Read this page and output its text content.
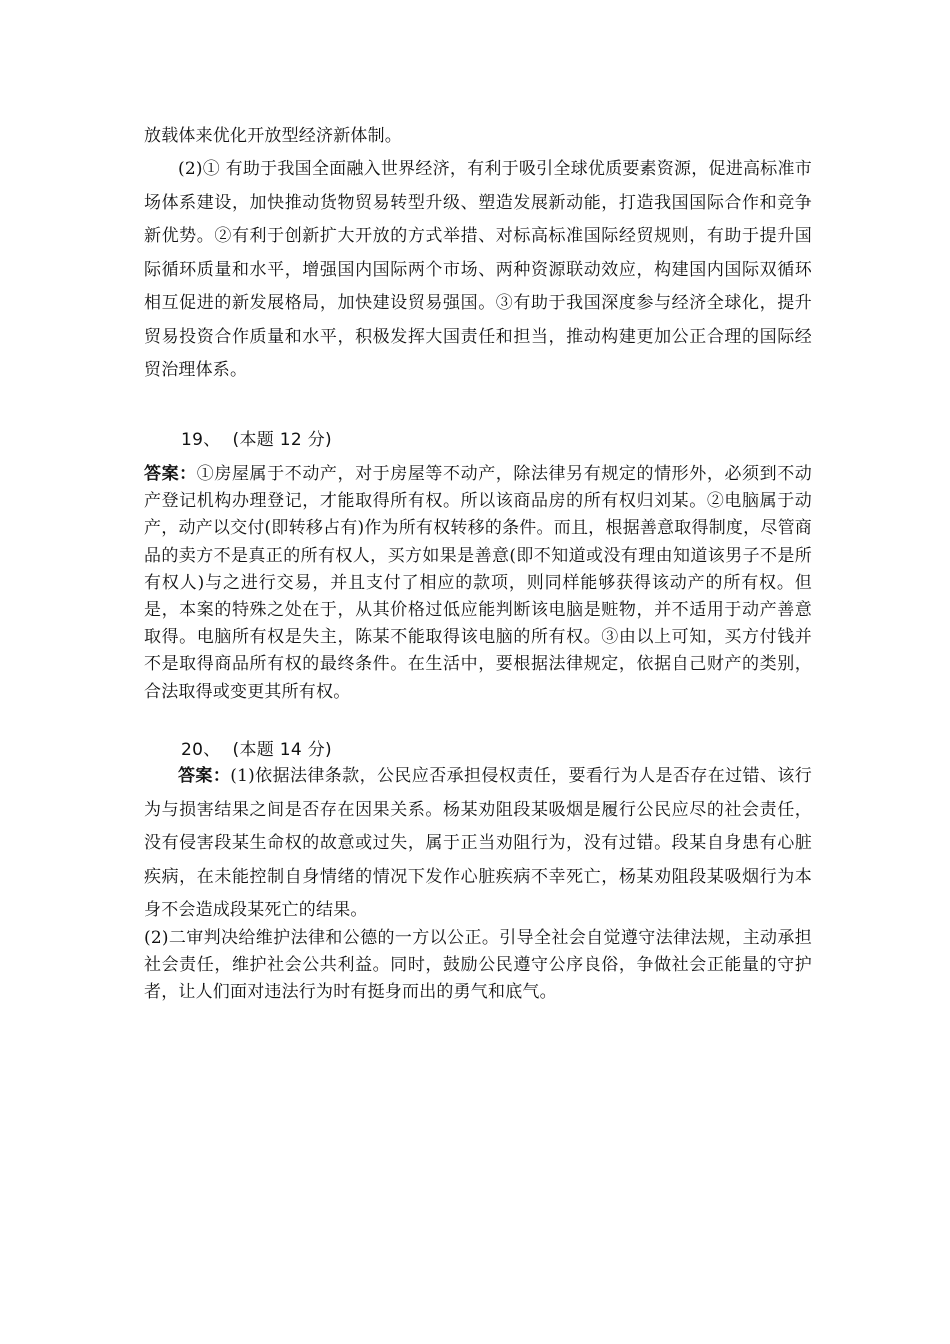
放载体来优化开放型经济新体制。
(2)① 有助于我国全面融入世界经济，有利于吸引全球优质要素资源，促进高标准市场体系建设，加快推动货物贸易转型升级、塑造发展新动能，打造我国国际合作和竞争新优势。②有利于创新扩大开放的方式举措、对标高标准国际经贸规则，有助于提升国际循环质量和水平，增强国内国际两个市场、两种资源联动效应，构建国内国际双循环相互促进的新发展格局，加快建设贸易强国。③有助于我国深度参与经济全球化，提升贸易投资合作质量和水平，积极发挥大国责任和担当，推动构建更加公正合理的国际经贸治理体系。
19、 (本题 12 分)
答案：①房屋属于不动产，对于房屋等不动产，除法律另有规定的情形外，必须到不动产登记机构办理登记，才能取得所有权。所以该商品房的所有权归刘某。②电脑属于动产，动产以交付(即转移占有)作为所有权转移的条件。而且，根据善意取得制度，尽管商品的卖方不是真正的所有权人，买方如果是善意(即不知道或没有理由知道该男子不是所有权人)与之进行交易，并且支付了相应的款项，则同样能够获得该动产的所有权。但是，本案的特殊之处在于，从其价格过低应能判断该电脑是赃物，并不适用于动产善意取得。电脑所有权是失主，陈某不能取得该电脑的所有权。③由以上可知，买方付钱并不是取得商品所有权的最终条件。在生活中，要根据法律规定，依据自己财产的类别，合法取得或变更其所有权。
20、 (本题 14 分)
答案：(1)依据法律条款，公民应否承担侵权责任，要看行为人是否存在过错、该行为与损害结果之间是否存在因果关系。杨某劝阻段某吸烟是履行公民应尽的社会责任，没有侵害段某生命权的故意或过失，属于正当劝阻行为，没有过错。段某自身患有心脏疾病，在未能控制自身情绪的情况下发作心脏疾病不幸死亡，杨某劝阻段某吸烟行为本身不会造成段某死亡的结果。
(2)二审判决给维护法律和公德的一方以公正。引导全社会自觉遵守法律法规，主动承担社会责任，维护社会公共利益。同时，鼓励公民遵守公序良俗，争做社会正能量的守护者，让人们面对违法行为时有挺身而出的勇气和底气。
